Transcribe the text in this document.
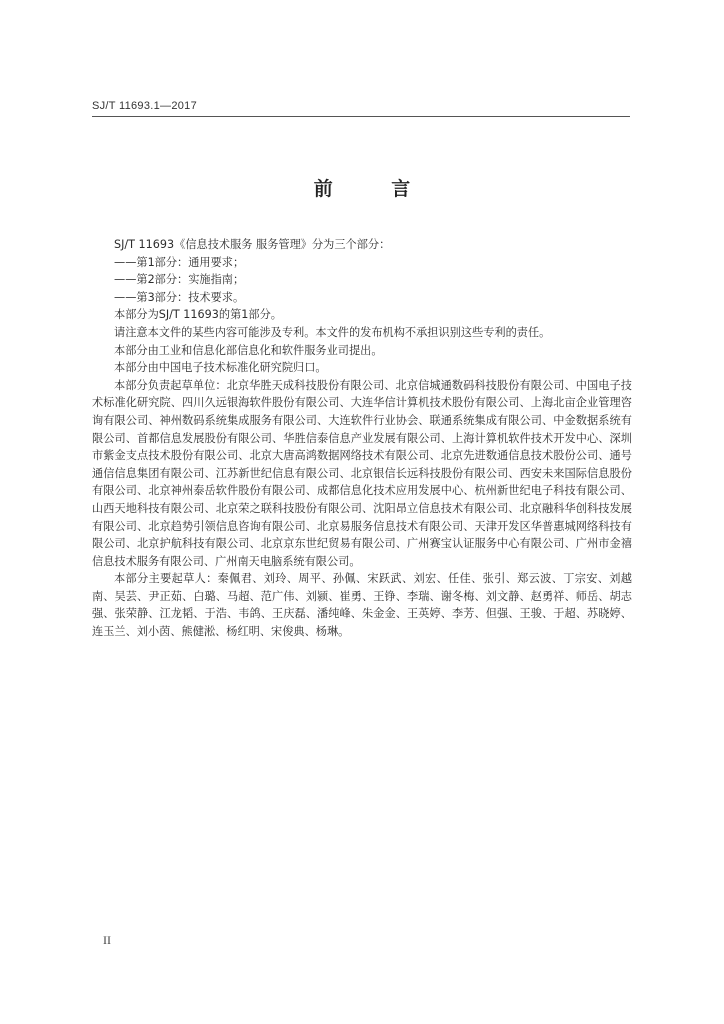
SJ/T 11693.1—2017
前 言

SJ/T 11693《信息技术服务 服务管理》分为三个部分：

——第1部分：通用要求；

——第2部分：实施指南；

——第3部分：技术要求。

本部分为SJ/T 11693的第1部分。

请注意本文件的某些内容可能涉及专利。本文件的发布机构不承担识别这些专利的责任。

本部分由工业和信息化部信息化和软件服务业司提出。

本部分由中国电子技术标准化研究院归口。

本部分负责起草单位：北京华胜天成科技股份有限公司、北京信城通数码科技股份有限公司、中国电子技术标准化研究院、四川久远银海软件股份有限公司、大连华信计算机技术股份有限公司、上海北亩企业管理咨询有限公司、神州数码系统集成服务有限公司、大连软件行业协会、联通系统集成有限公司、中金数据系统有限公司、首都信息发展股份有限公司、华胜信泰信息产业发展有限公司、上海计算机软件技术开发中心、深圳市紫金支点技术股份有限公司、北京大唐高鸿数据网络技术有限公司、北京先进数通信息技术股份公司、通号通信信息集团有限公司、江苏新世纪信息有限公司、北京银信长远科技股份有限公司、西安未来国际信息股份有限公司、北京神州泰岳软件股份有限公司、成都信息化技术应用发展中心、杭州新世纪电子科技有限公司、山西天地科技有限公司、北京荣之联科技股份有限公司、沈阳昂立信息技术有限公司、北京融科华创科技发展有限公司、北京趋势引领信息咨询有限公司、北京易服务信息技术有限公司、天津开发区华普惠城网络科技有限公司、北京护航科技有限公司、北京京东世纪贸易有限公司、广州赛宝认证服务中心有限公司、广州市金禧信息技术服务有限公司、广州南天电脑系统有限公司。

本部分主要起草人：秦佩君、刘玲、周平、孙佩、宋跃武、刘宏、任佳、张引、郑云波、丁宗安、刘越南、吴芸、尹正茹、白璐、马超、范广伟、刘颍、崔勇、王铮、李瑞、谢冬梅、刘文静、赵勇祥、师岳、胡志强、张荣静、江龙韬、于浩、韦鸽、王庆磊、潘纯峰、朱金金、王英婷、李芳、但强、王骏、于超、苏晓婷、连玉兰、刘小茵、熊健淞、杨红明、宋俊典、杨琳。

II
